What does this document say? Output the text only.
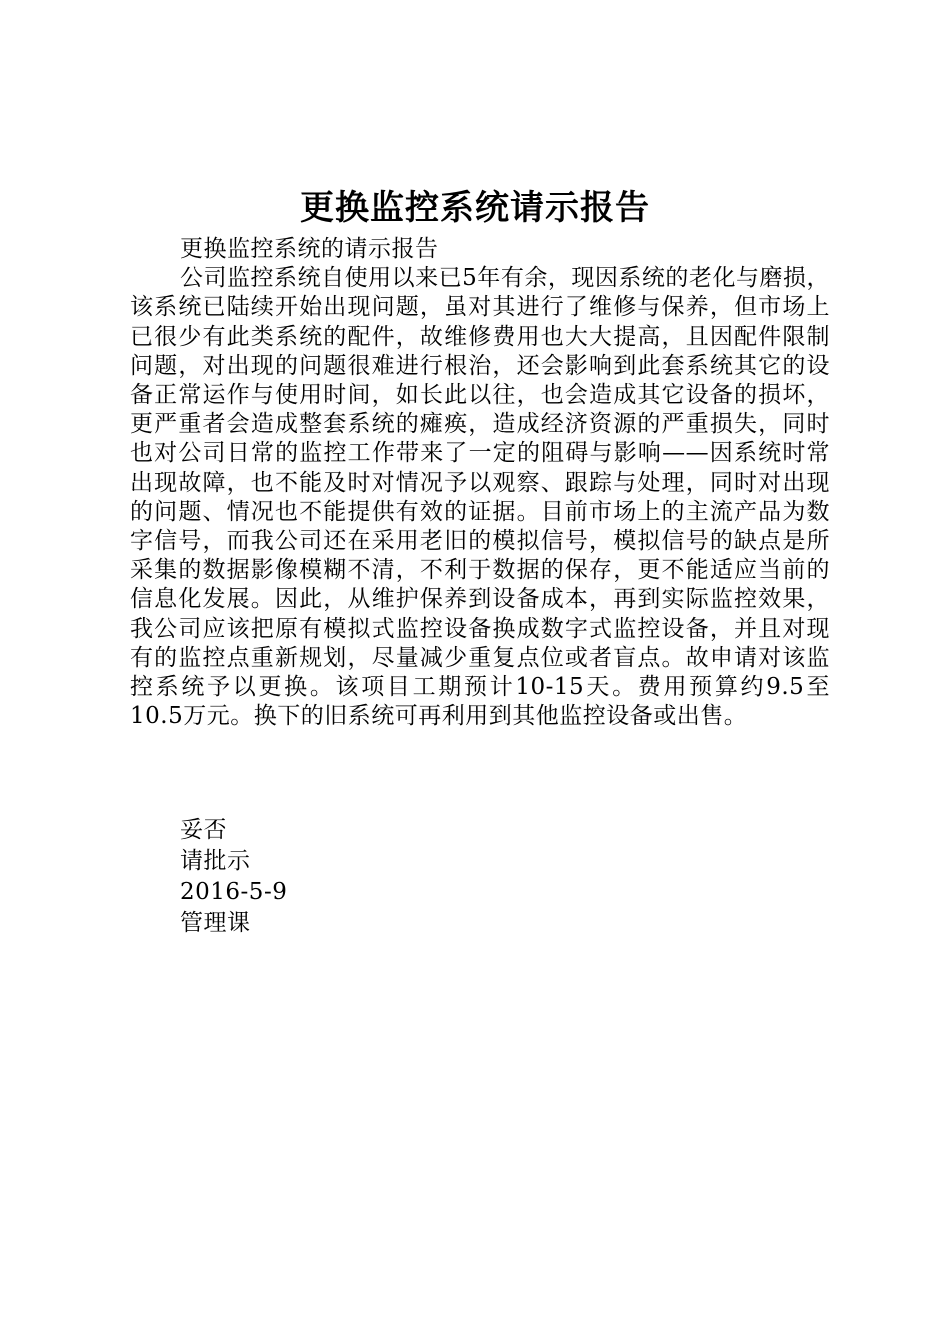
更换监控系统请示报告

更换监控系统的请示报告

公司监控系统自使用以来已5年有余，现因系统的老化与磨损，该系统已陆续开始出现问题，虽对其进行了维修与保养，但市场上已很少有此类系统的配件，故维修费用也大大提高，且因配件限制问题，对出现的问题很难进行根治，还会影响到此套系统其它的设备正常运作与使用时间，如长此以往，也会造成其它设备的损坏，更严重者会造成整套系统的瘫痪，造成经济资源的严重损失，同时也对公司日常的监控工作带来了一定的阻碍与影响——因系统时常出现故障，也不能及时对情况予以观察、跟踪与处理，同时对出现的问题、情况也不能提供有效的证据。目前市场上的主流产品为数字信号，而我公司还在采用老旧的模拟信号，模拟信号的缺点是所采集的数据影像模糊不清，不利于数据的保存，更不能适应当前的信息化发展。因此，从维护保养到设备成本，再到实际监控效果，我公司应该把原有模拟式监控设备换成数字式监控设备，并且对现有的监控点重新规划，尽量减少重复点位或者盲点。故申请对该监控系统予以更换。该项目工期预计10-15天。费用预算约9.5至10.5万元。换下的旧系统可再利用到其他监控设备或出售。

妥否
请批示
2016-5-9
管理课
